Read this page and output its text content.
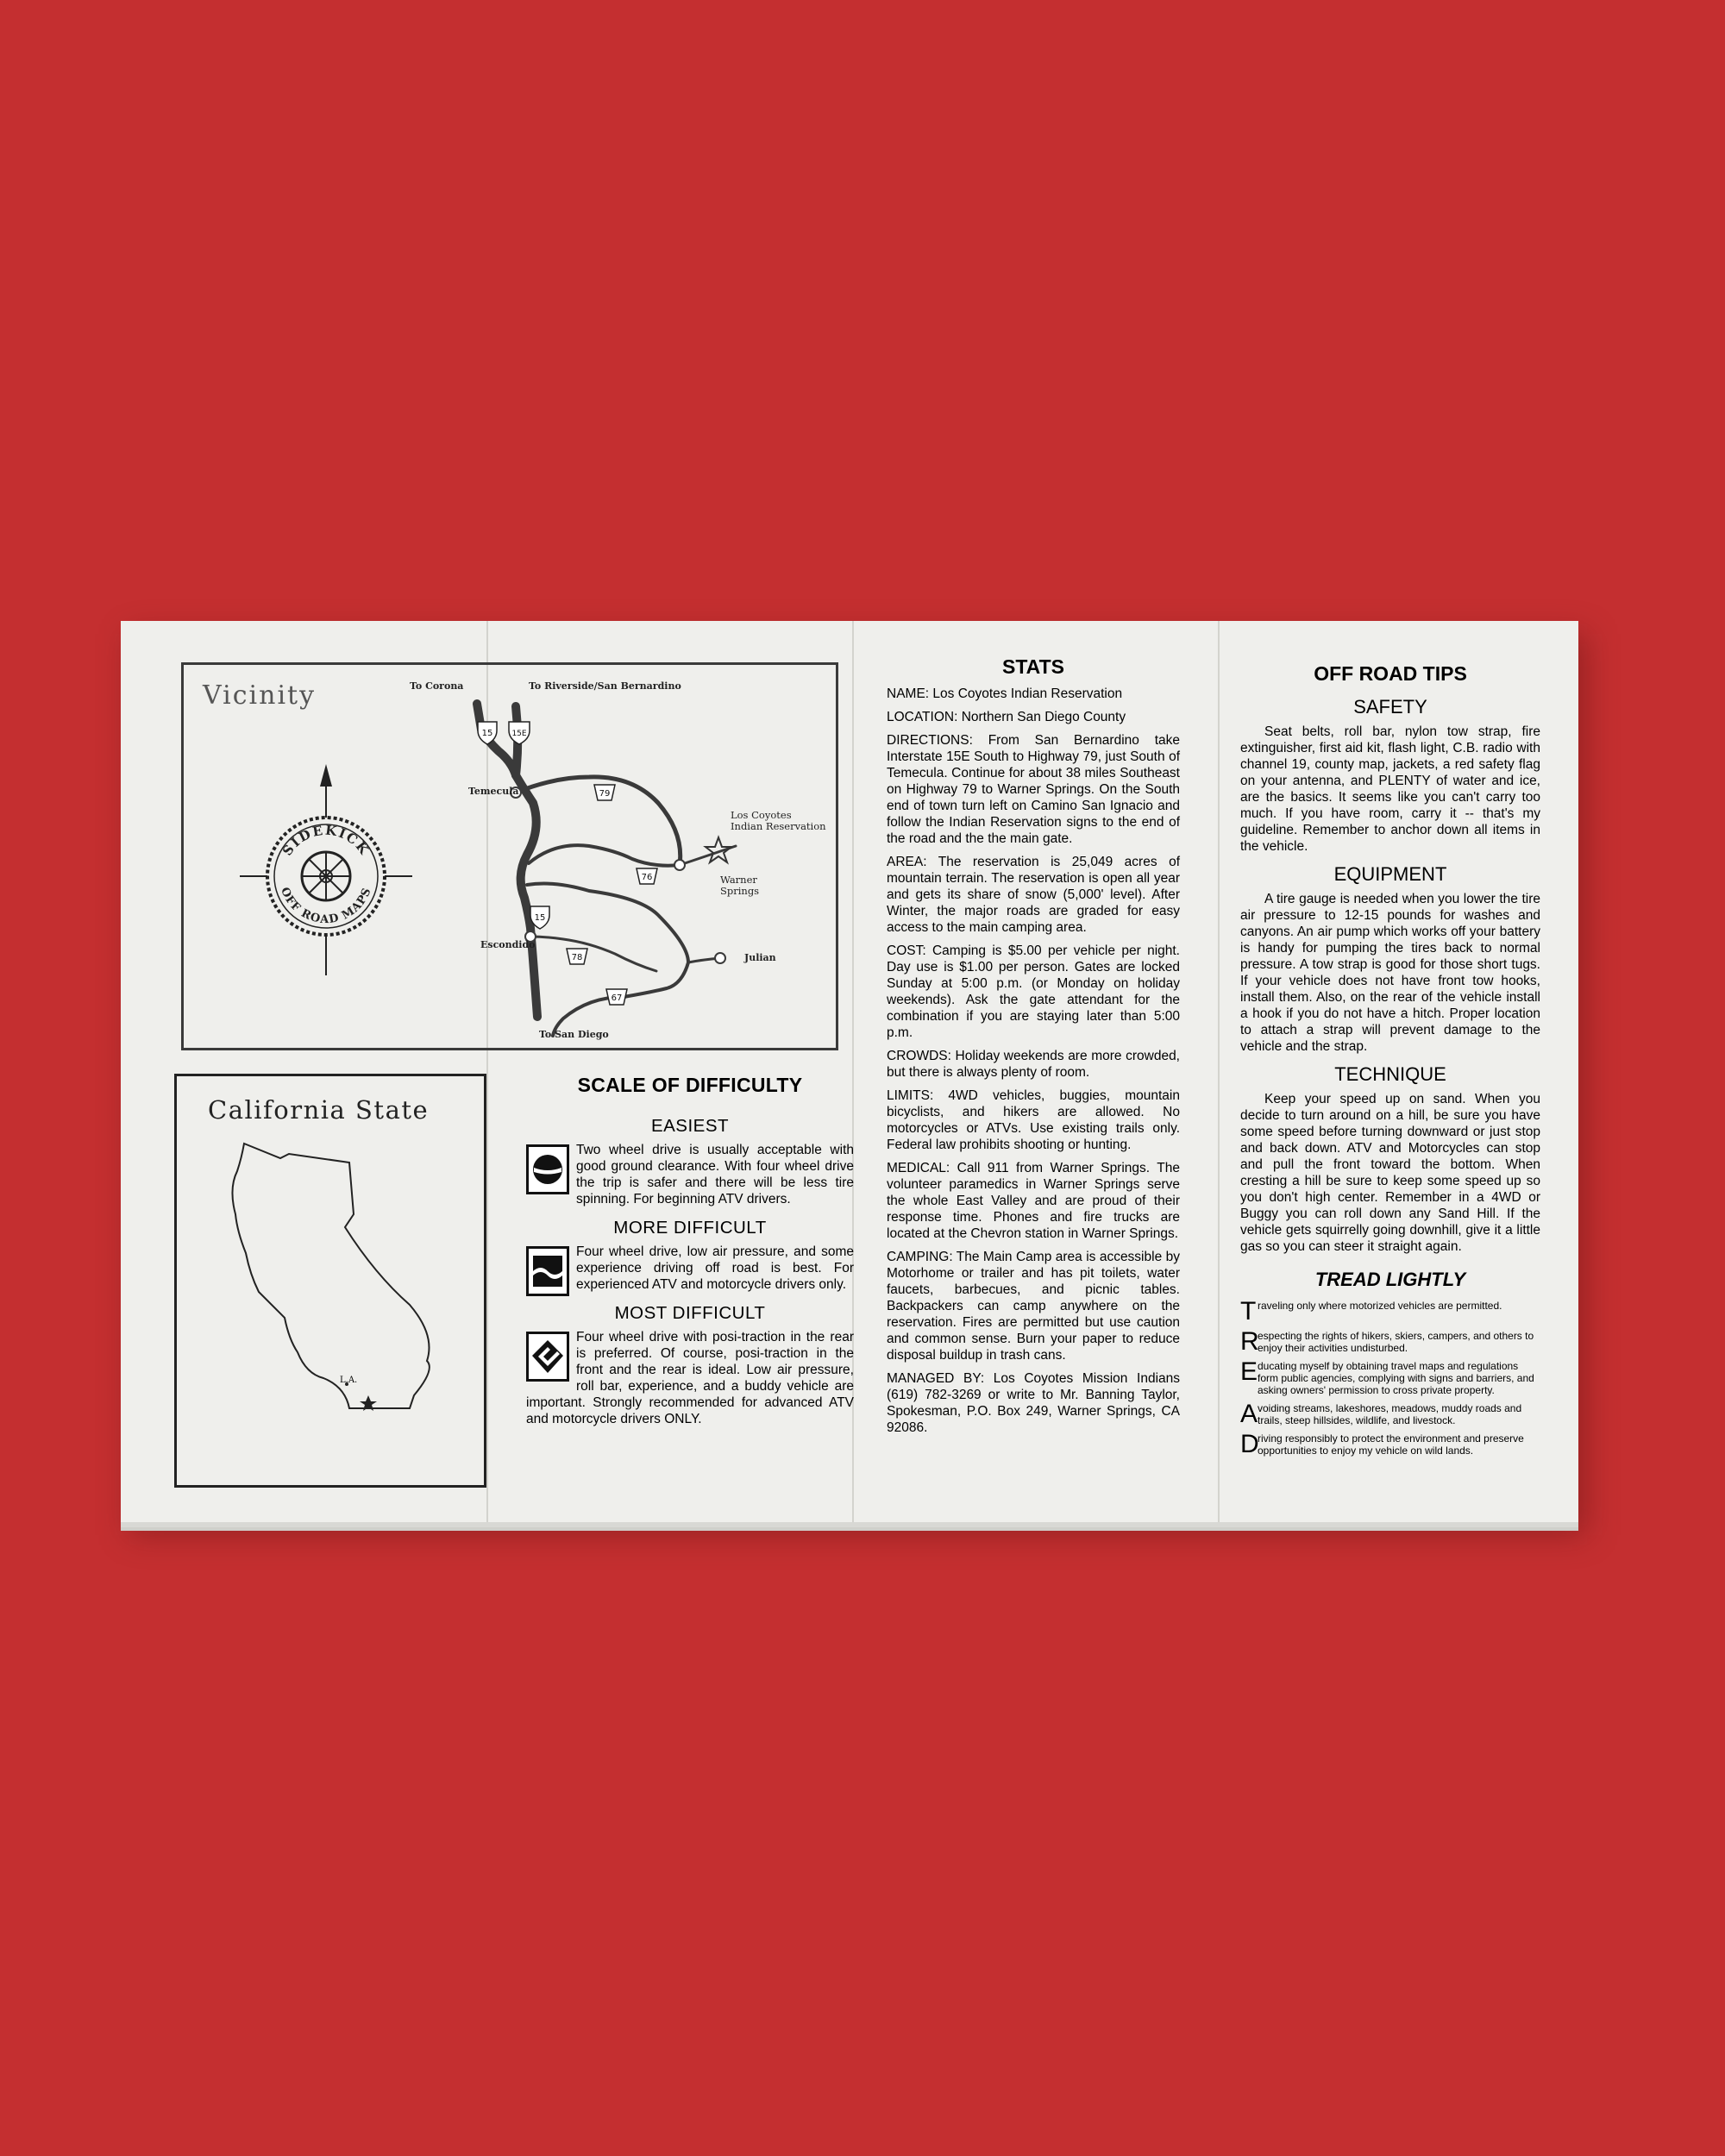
Vicinity	To Corona	To Riverside/San Bernardino
Temecula
Los Coyotes
Indian Reservation
Warner
Springs
Escondido
Julian
To San Diego
15 15E
79
76
15
78
67
SIDEKICK
OFF ROAD MAPS
California State
L.A.

SCALE OF DIFFICULTY

EASIEST

Two wheel drive is usually acceptable with good ground clearance. With four wheel drive the trip is safer and there will be less tire spinning. For beginning ATV drivers.

MORE DIFFICULT

Four wheel drive, low air pressure, and some experience driving off road is best. For experienced ATV and motorcycle drivers only.

MOST DIFFICULT

Four wheel drive with posi-traction in the rear is preferred. Of course, posi-traction in the front and the rear is ideal. Low air pressure, roll bar, experience, and a buddy vehicle are important. Strongly recommended for advanced ATV and motorcycle drivers ONLY.

STATS

NAME: Los Coyotes Indian Reservation

LOCATION: Northern San Diego County

DIRECTIONS: From San Bernardino take Interstate 15E South to Highway 79, just South of Temecula. Continue for about 38 miles Southeast on Highway 79 to Warner Springs. On the South end of town turn left on Camino San Ignacio and follow the Indian Reservation signs to the end of the road and the the main gate.

AREA: The reservation is 25,049 acres of mountain terrain. The reservation is open all year and gets its share of snow (5,000' level). After Winter, the major roads are graded for easy access to the main camping area.

COST: Camping is $5.00 per vehicle per night. Day use is $1.00 per person. Gates are locked Sunday at 5:00 p.m. (or Monday on holiday weekends). Ask the gate attendant for the combination if you are staying later than 5:00 p.m.

CROWDS: Holiday weekends are more crowded, but there is always plenty of room.

LIMITS: 4WD vehicles, buggies, mountain bicyclists, and hikers are allowed. No motorcycles or ATVs. Use existing trails only. Federal law prohibits shooting or hunting.

MEDICAL: Call 911 from Warner Springs. The volunteer paramedics in Warner Springs serve the whole East Valley and are proud of their response time. Phones and fire trucks are located at the Chevron station in Warner Springs.

CAMPING: The Main Camp area is accessible by Motorhome or trailer and has pit toilets, water faucets, barbecues, and picnic tables. Backpackers can camp anywhere on the reservation. Fires are permitted but use caution and common sense. Burn your paper to reduce disposal buildup in trash cans.

MANAGED BY: Los Coyotes Mission Indians (619) 782-3269 or write to Mr. Banning Taylor, Spokesman, P.O. Box 249, Warner Springs, CA 92086.

OFF ROAD TIPS
SAFETY

Seat belts, roll bar, nylon tow strap, fire extinguisher, first aid kit, flash light, C.B. radio with channel 19, county map, jackets, a red safety flag on your antenna, and PLENTY of water and ice, are the basics. It seems like you can't carry too much. If you have room, carry it -- that's my guideline. Remember to anchor down all items in the vehicle.

EQUIPMENT

A tire gauge is needed when you lower the tire air pressure to 12-15 pounds for washes and canyons. An air pump which works off your battery is handy for pumping the tires back to normal pressure. A tow strap is good for those short tugs. If your vehicle does not have front tow hooks, install them. Also, on the rear of the vehicle install a hook if you do not have a hitch. Proper location to attach a strap will prevent damage to the vehicle and the strap.

TECHNIQUE

Keep your speed up on sand. When you decide to turn around on a hill, be sure you have some speed before turning downward or just stop and back down. ATV and Motorcycles can stop and pull the front toward the bottom. When cresting a hill be sure to keep some speed up so you don't high center. Remember in a 4WD or Buggy you can roll down any Sand Hill. If the vehicle gets squirrelly going downhill, give it a little gas so you can steer it straight again.

TREAD LIGHTLY
T raveling only where motorized vehicles are permitted.
R
especting the rights of hikers, skiers, campers, and others to enjoy their activities undisturbed.
E ducating myself by obtaining travel maps and regulations form public agencies, complying with signs and barriers, and asking owners' permission to cross private property.
A voiding streams, lakeshores, meadows, muddy roads and trails, steep hillsides, wildlife, and livestock.
D
riving responsibly to protect the environment and preserve opportunities to enjoy my vehicle on wild lands.
